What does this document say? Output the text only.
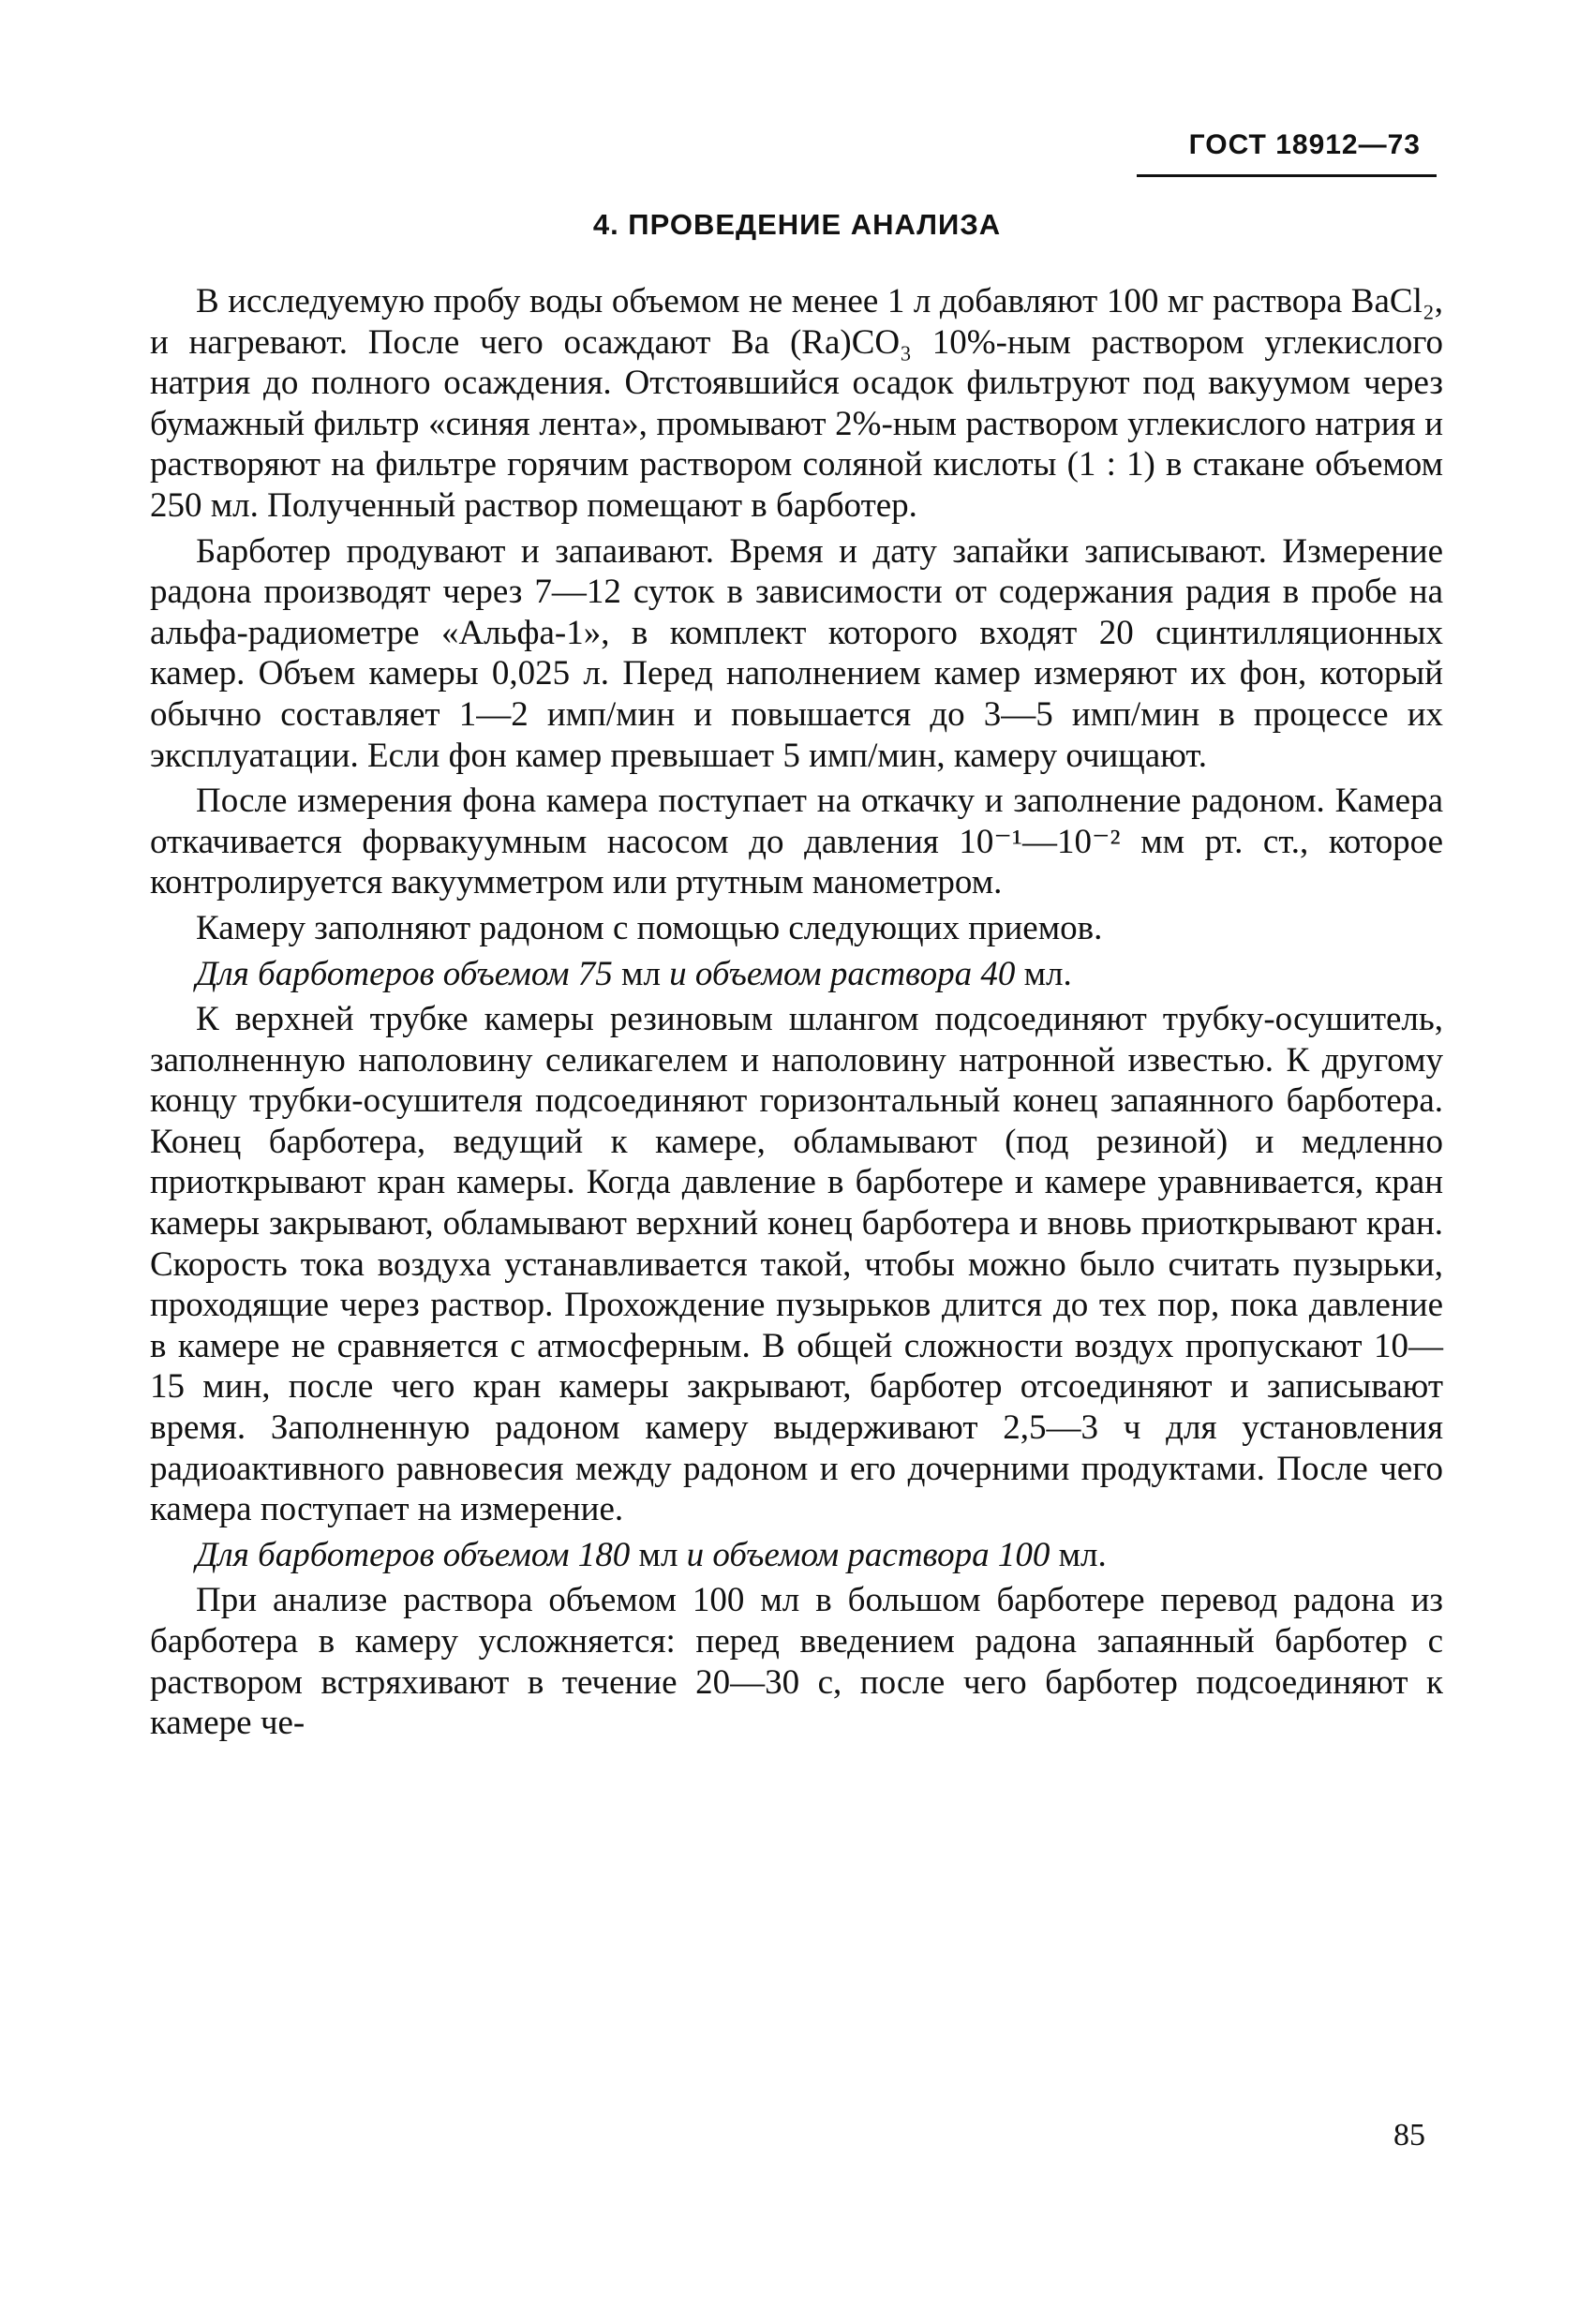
ГОСТ 18912—73
4. ПРОВЕДЕНИЕ АНАЛИЗА

В исследуемую пробу воды объемом не менее 1 л добавляют 100 мг раствора BaCl₂, и нагревают. После чего осаждают Ba (Ra)CO₃ 10%-ным раствором углекислого натрия до полного осаждения. Отстоявшийся осадок фильтруют под вакуумом через бумажный фильтр «синяя лента», промывают 2%-ным раствором углекислого натрия и растворяют на фильтре горячим раствором соляной кислоты (1 : 1) в стакане объемом 250 мл. Полученный раствор помещают в барботер.

Барботер продувают и запаивают. Время и дату запайки записывают. Измерение радона производят через 7—12 суток в зависимости от содержания радия в пробе на альфа-радиометре «Альфа-1», в комплект которого входят 20 сцинтилляционных камер. Объем камеры 0,025 л. Перед наполнением камер измеряют их фон, который обычно составляет 1—2 имп/мин и повышается до 3—5 имп/мин в процессе их эксплуатации. Если фон камер превышает 5 имп/мин, камеру очищают.

После измерения фона камера поступает на откачку и заполнение радоном. Камера откачивается форвакуумным насосом до давления 10⁻¹—10⁻² мм рт. ст., которое контролируется вакуумметром или ртутным манометром.

Камеру заполняют радоном с помощью следующих приемов.

Для барботеров объемом 75 мл и объемом раствора 40 мл.

К верхней трубке камеры резиновым шлангом подсоединяют трубку-осушитель, заполненную наполовину селикагелем и наполовину натронной известью. К другому концу трубки-осушителя подсоединяют горизонтальный конец запаянного барботера. Конец барботера, ведущий к камере, обламывают (под резиной) и медленно приоткрывают кран камеры. Когда давление в барботере и камере уравнивается, кран камеры закрывают, обламывают верхний конец барботера и вновь приоткрывают кран. Скорость тока воздуха устанавливается такой, чтобы можно было считать пузырьки, проходящие через раствор. Прохождение пузырьков длится до тех пор, пока давление в камере не сравняется с атмосферным. В общей сложности воздух пропускают 10—15 мин, после чего кран камеры закрывают, барботер отсоединяют и записывают время. Заполненную радоном камеру выдерживают 2,5—3 ч для установления радиоактивного равновесия между радоном и его дочерними продуктами. После чего камера поступает на измерение.

Для барботеров объемом 180 мл и объемом раствора 100 мл.

При анализе раствора объемом 100 мл в большом барботере перевод радона из барботера в камеру усложняется: перед введением радона запаянный барботер с раствором встряхивают в течение 20—30 с, после чего барботер подсоединяют к камере че-

85
